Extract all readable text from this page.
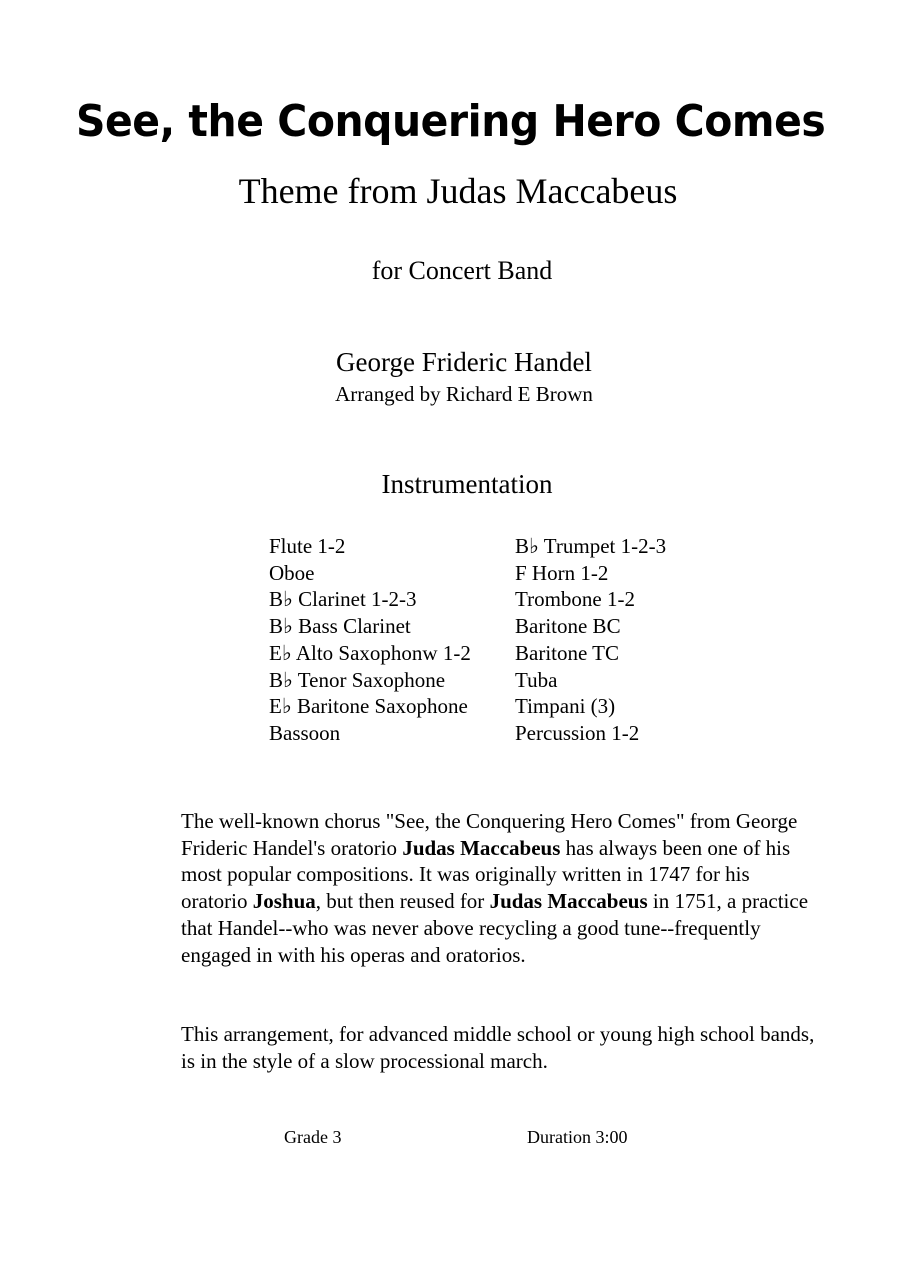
See, the Conquering Hero Comes
Theme from Judas Maccabeus
for Concert Band
George Frideric Handel
Arranged by Richard E Brown
Instrumentation
Flute 1-2
Oboe
B♭ Clarinet 1-2-3
B♭ Bass Clarinet
E♭ Alto Saxophonw 1-2
B♭ Tenor Saxophone
E♭ Baritone Saxophone
Bassoon
B♭ Trumpet 1-2-3
F Horn 1-2
Trombone 1-2
Baritone BC
Baritone TC
Tuba
Timpani (3)
Percussion 1-2

The well-known chorus "See, the Conquering Hero Comes" from George Frideric Handel's oratorio Judas Maccabeus has always been one of his most popular compositions. It was originally written in 1747 for his oratorio Joshua, but then reused for Judas Maccabeus in 1751, a practice that Handel--who was never above recycling a good tune--frequently engaged in with his operas and oratorios.

This arrangement, for advanced middle school or young high school bands, is in the style of a slow processional march.

Grade 3	Duration 3:00
